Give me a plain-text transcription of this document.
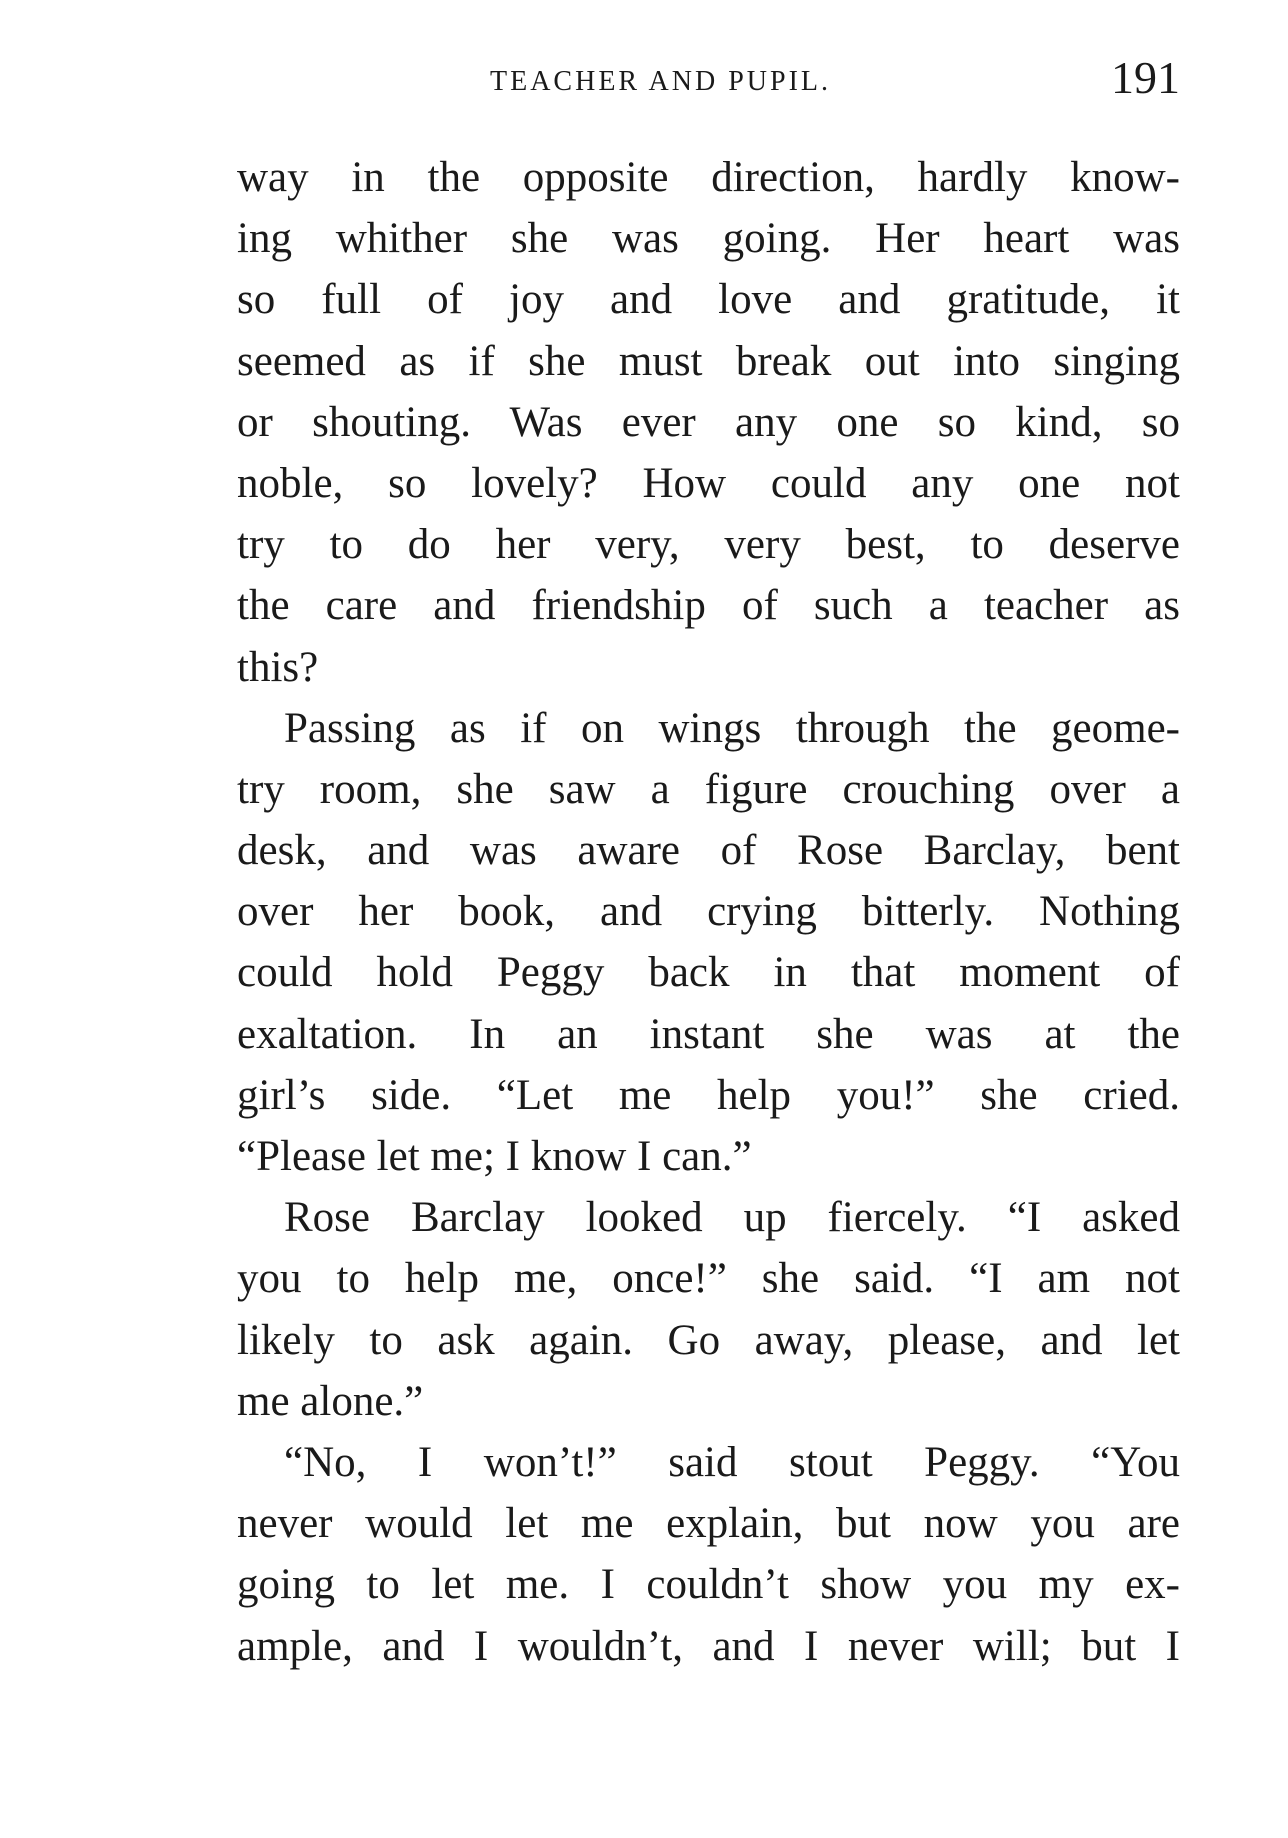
TEACHER AND PUPIL.	191

way in the opposite direction, hardly know-
ing whither she was going. Her heart was
so full of joy and love and gratitude, it
seemed as if she must break out into singing
or shouting. Was ever any one so kind, so
noble, so lovely? How could any one not
try to do her very, very best, to deserve
the care and friendship of such a teacher as
this?

Passing as if on wings through the geome-
try room, she saw a figure crouching over a
desk, and was aware of Rose Barclay, bent
over her book, and crying bitterly. Nothing
could hold Peggy back in that moment of
exaltation. In an instant she was at the
girl’s side. “Let me help you!” she cried.
“Please let me; I know I can.”

Rose Barclay looked up fiercely. “I asked
you to help me, once!” she said. “I am not
likely to ask again. Go away, please, and let
me alone.”

“No, I won’t!” said stout Peggy. “You
never would let me explain, but now you are
going to let me. I couldn’t show you my ex-
ample, and I wouldn’t, and I never will; but I
